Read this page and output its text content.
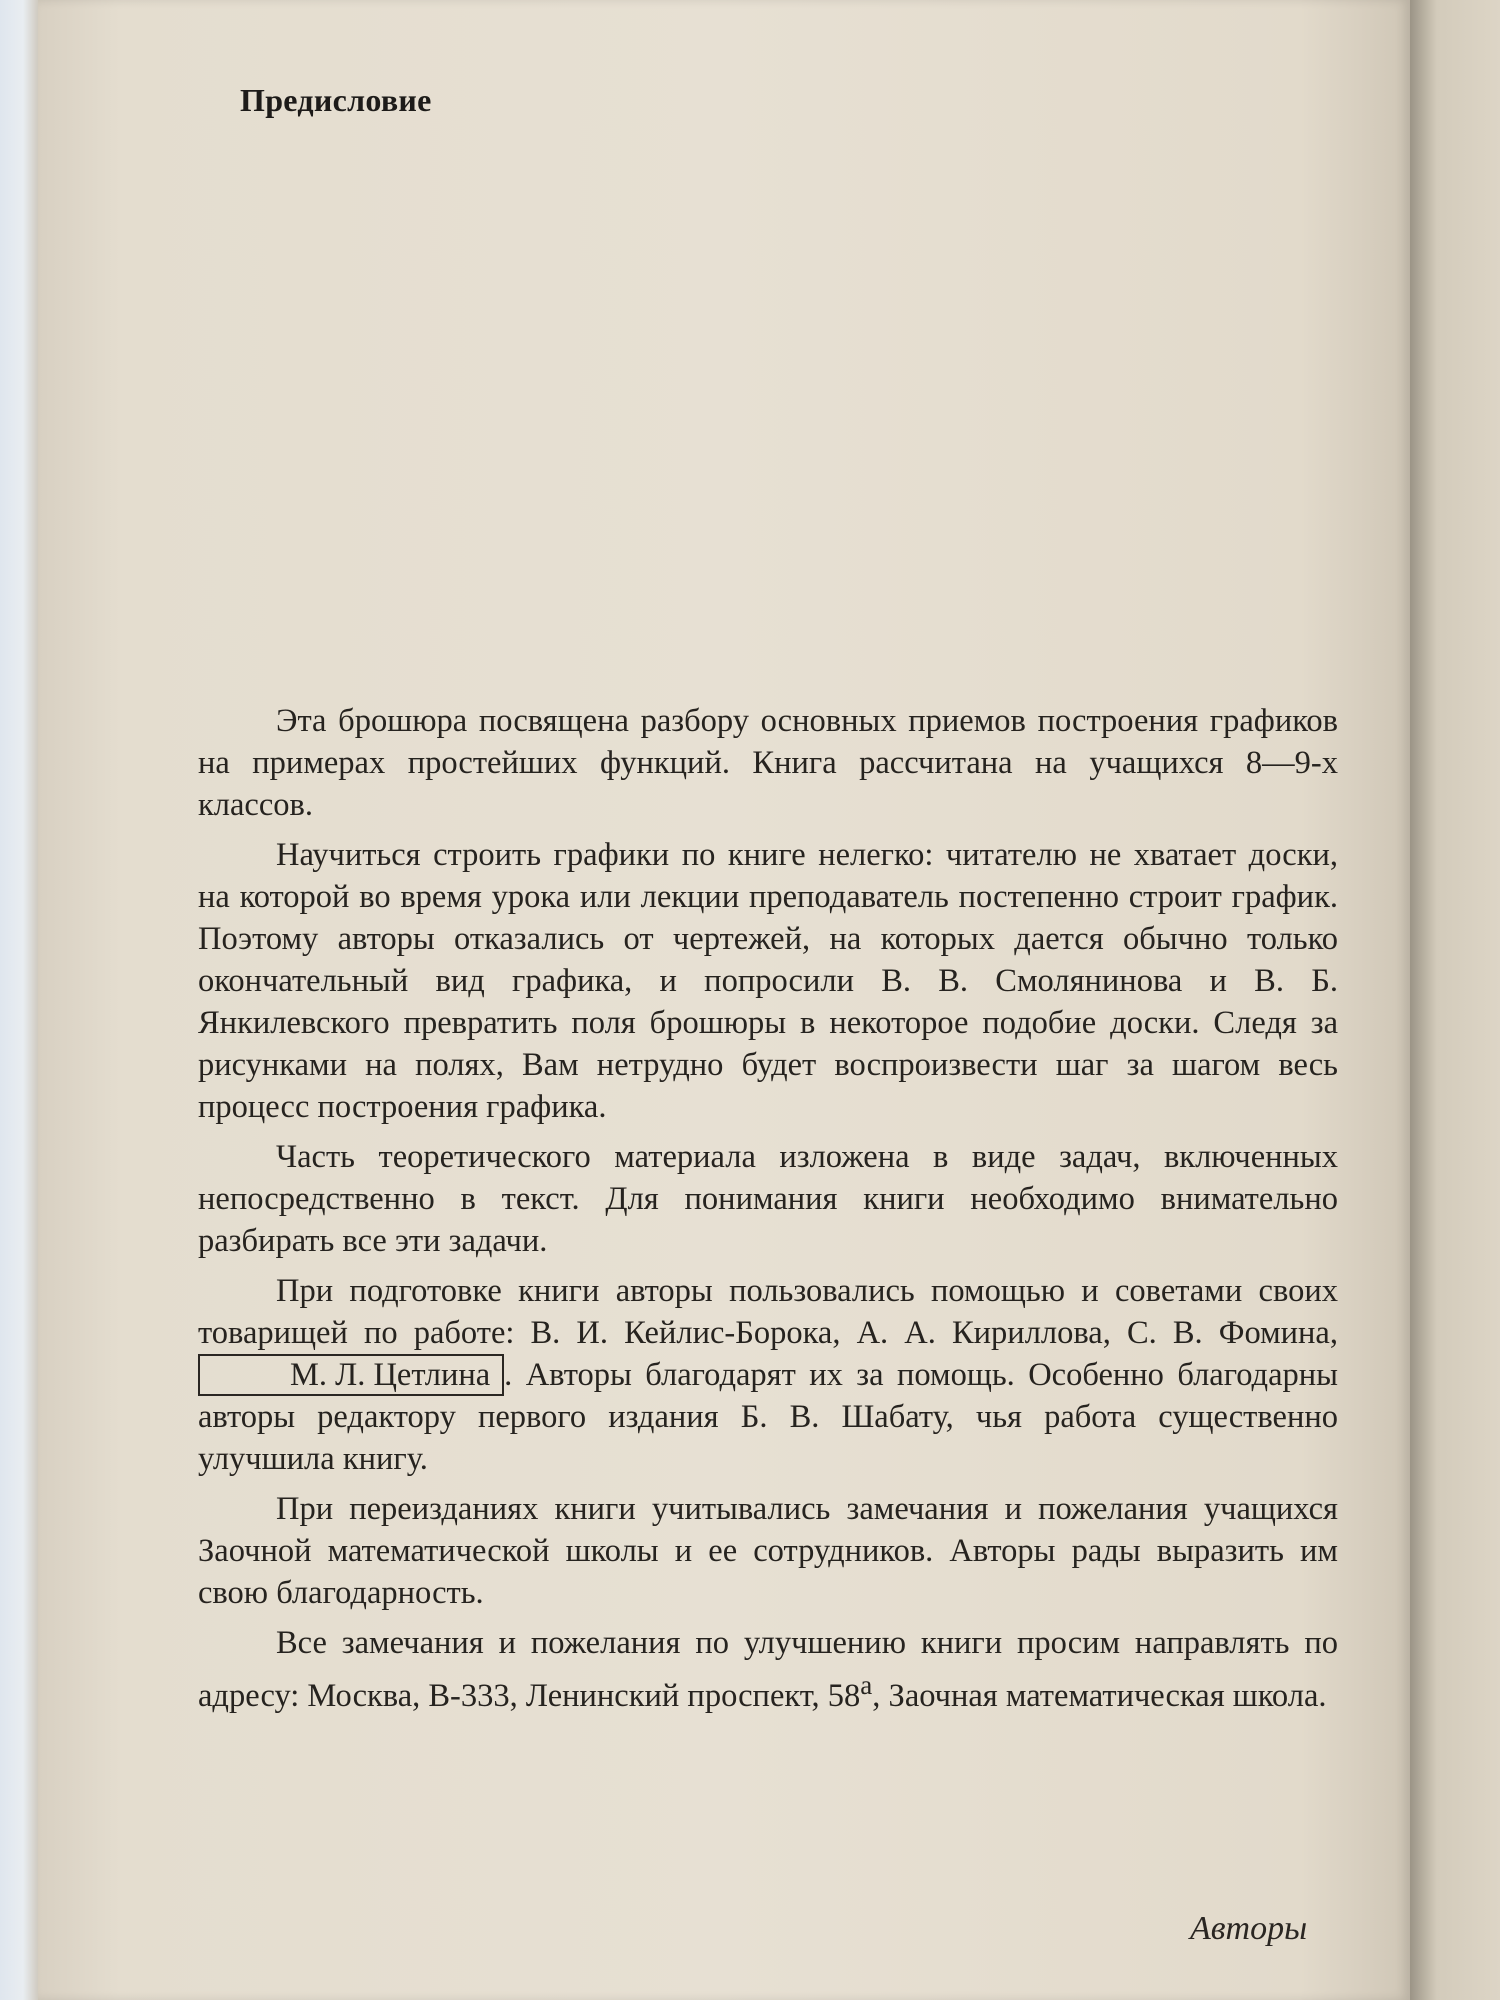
Предисловие

Эта брошюра посвящена разбору основных приемов построения графиков на примерах простейших функций. Книга рассчитана на учащихся 8—9-х классов.

Научиться строить графики по книге нелегко: читателю не хватает доски, на которой во время урока или лекции преподаватель постепенно строит график. Поэтому авторы отказались от чертежей, на которых дается обычно только окончательный вид графика, и попросили В. В. Смолянинова и В. Б. Янкилевского превратить поля брошюры в некоторое подобие доски. Следя за рисунками на полях, Вам нетрудно будет воспроизвести шаг за шагом весь процесс построения графика.

Часть теоретического материала изложена в виде задач, включенных непосредственно в текст. Для понимания книги необходимо внимательно разбирать все эти задачи.

При подготовке книги авторы пользовались помощью и советами своих товарищей по работе: В. И. Кейлис-Борока, А. А. Кириллова, С. В. Фомина, М. Л. Цетлина . Авторы благодарят их за помощь. Особенно благодарны авторы редактору первого издания Б. В. Шабату, чья работа существенно улучшила книгу.

При переизданиях книги учитывались замечания и пожелания учащихся Заочной математической школы и ее сотрудников. Авторы рады выразить им свою благодарность.

Все замечания и пожелания по улучшению книги просим направлять по адресу: Москва, В-333, Ленинский проспект, $58^а$, Заочная математическая школа.

Авторы
